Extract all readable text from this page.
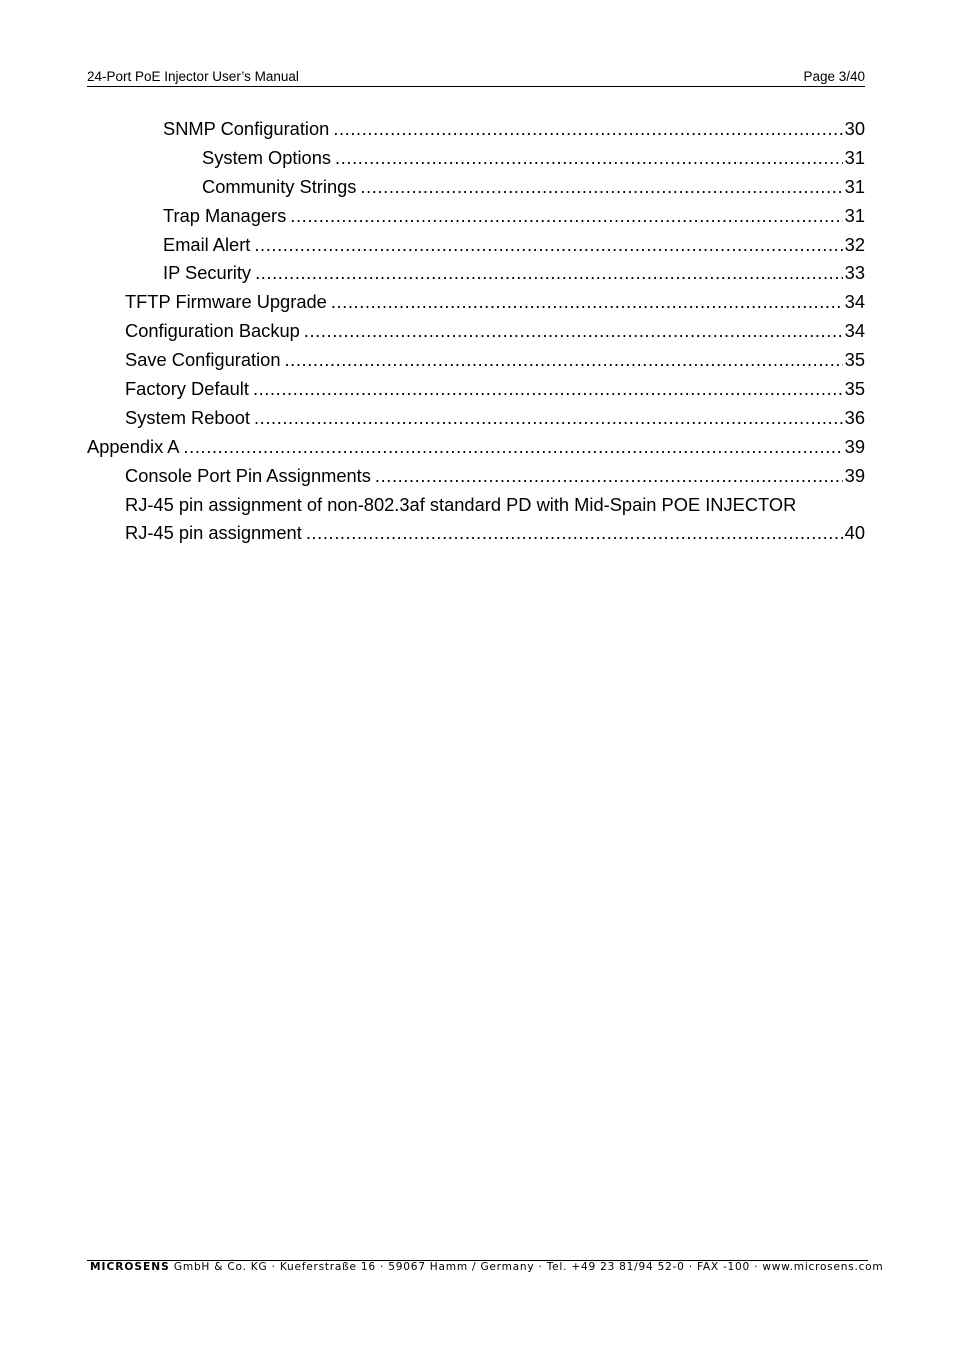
24-Port PoE Injector User’s Manual	Page 3/40
SNMP Configuration .....	30
System Options .....	31
Community Strings .....	31
Trap Managers .....	31
Email Alert .....	32
IP Security .....	33
TFTP Firmware Upgrade .....	34
Configuration Backup .....	34
Save Configuration .....	35
Factory Default .....	35
System Reboot .....	36
Appendix A .....	39
Console Port Pin Assignments .....	39
RJ-45 pin assignment of non-802.3af standard PD with Mid-Spain POE INJECTOR
RJ-45 pin assignment .....	40
MICROSENS GmbH & Co. KG · Kueferstraße 16 · 59067 Hamm / Germany · Tel. +49 23 81/94 52-0 · FAX -100 · www.microsens.com
